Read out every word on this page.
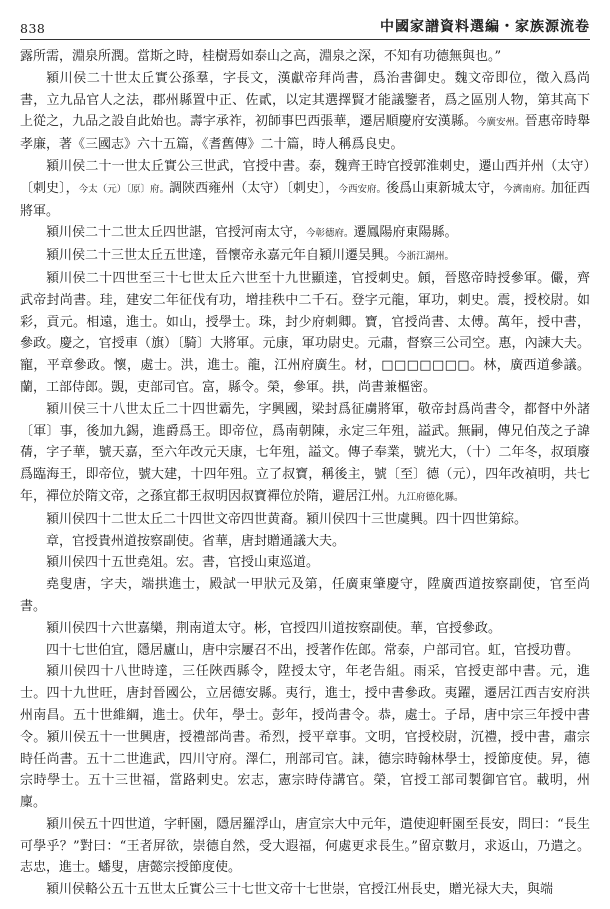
838	中國家譜資料選編・家族源流卷

露所需，淵泉所潤。當斯之時，桂樹焉如泰山之高，淵泉之深，不知有功德無與也。”

潁川侯二十世太丘實公孫羣，字長文，漢獻帝拜尚書，爲治書御史。魏文帝即位，徵入爲尚書，立九品官人之法，郡州縣置中正、佐貳，以定其選擇賢才能議鑒者，爲之區別人物，第其高下上從之，九品之設自此始也。壽字承祚，初師事巴西張華，遷居順慶府安漢縣。今廣安州。晉惠帝時舉孝廉，著《三國志》六十五篇，《耆舊傳》二十篇，時人稱爲良史。

潁川侯二十一世太丘實公三世武，官授中書。泰，魏齊王時官授郭淮刺史，遷山西并州（太守）〔刺史〕，今太（元）〔原〕府。調陝西雍州（太守）〔刺史〕，今西安府。後爲山東新城太守，今濟南府。加征西將軍。

潁川侯二十二世太丘四世諶，官授河南太守，今彰德府。遷鳳陽府東陽縣。

潁川侯二十三世太丘五世達，晉懷帝永嘉元年自潁川遷吴興。今浙江湖州。

潁川侯二十四世至三十七世太丘六世至十九世顯達，官授刺史。頠，晉愍帝時授參軍。儼，齊武帝封尚書。珪，建安二年征伐有功，增挂秩中二千石。登字元龍，軍功，刺史。震，授校尉。如彩，貢元。相遠，進士。如山，授學士。珠，封少府刺卿。寶，官授尚書、太傅。萬年，授中書，參政。慶之，官授車（旗）〔騎〕大將軍。元康，軍功尉史。元肅，督察三公司空。惠，內諫大夫。寵，平章參政。懷，處士。洪，進士。龍，江州府廣生。材，□□□□□□□。林，廣西道參議。蘭，工部侍郎。覬，吏部司官。富，縣令。榮，參軍。拱，尚書兼樞密。

潁川侯三十八世太丘二十四世霸先，字興國，梁封爲征虜將軍，敬帝封爲尚書令，都督中外諸〔軍〕事，後加九錫，進爵爲王。即帝位，爲南朝陳，永定三年殂，謚武。無嗣，傳兄伯茂之子諱蒨，字子華，號天嘉，至六年改元天康，七年殂，謚文。傳子奉業，號光大，（十）二年冬，叔頊廢爲臨海王，即帝位，號大建，十四年殂。立了叔寶，稱後主，號〔至〕德（元），四年改禎明，共七年，禪位於隋文帝，之孫宜都王叔明因叔寶禪位於隋，避居江州。九江府德化縣。

潁川侯四十二世太丘二十四世文帝四世黄裔。潁川侯四十三世虞興。四十四世第綜。

章，官授貴州道按察副使。省華，唐封贈通議大夫。

潁川侯四十五世堯俎。宏。書，官授山東巡道。

堯叟唐，字夫，端拱進士，殿試一甲狀元及第，任廣東肇慶守，陞廣西道按察副使，官至尚書。

潁川侯四十六世嘉欒，荆南道太守。彬，官授四川道按察副使。華，官授參政。

四十七世伯宜，隱居廬山，唐中宗屢召不出，授著作佐郎。常泰，户部司官。虹，官授功曹。

潁川侯四十八世時達，三任陜西縣令，陞授太守，年老告組。雨采，官授吏部中書。元，進士。四十九世旺，唐封晉國公，立居德安縣。夷行，進士，授中書參政。夷躍，遷居江西吉安府洪州南昌。五十世維綱，進士。伏年，學士。彭年，授尚書令。恭，處士。子昂，唐中宗三年授中書令。潁川侯五十一世興唐，授禮部尚書。希烈，授平章事。文明，官授校尉，沉禮，授中書，肅宗時任尚書。五十二世進武，四川守府。澤仁，刑部司官。誄，德宗時翰林學士，授節度使。昇，德宗時學士。五十三世福，當路剌史。宏志，憲宗時侍講官。榮，官授工部司製御官官。載明，州廩。

潁川侯五十四世道，字軒園，隱居羅浮山，唐宣宗大中元年，遣使迎軒園至長安，問曰：“長生可學乎？”對曰：“王者屏欲，崇德自然，受大遐福，何處更求長生。”留京數月，求返山，乃遣之。志忠，進士。蟠叟，唐懿宗授節度使。

潁川侯輅公五十五世太丘實公三十七世文帝十七世崇，官授江州長史，贈光禄大夫，與端
